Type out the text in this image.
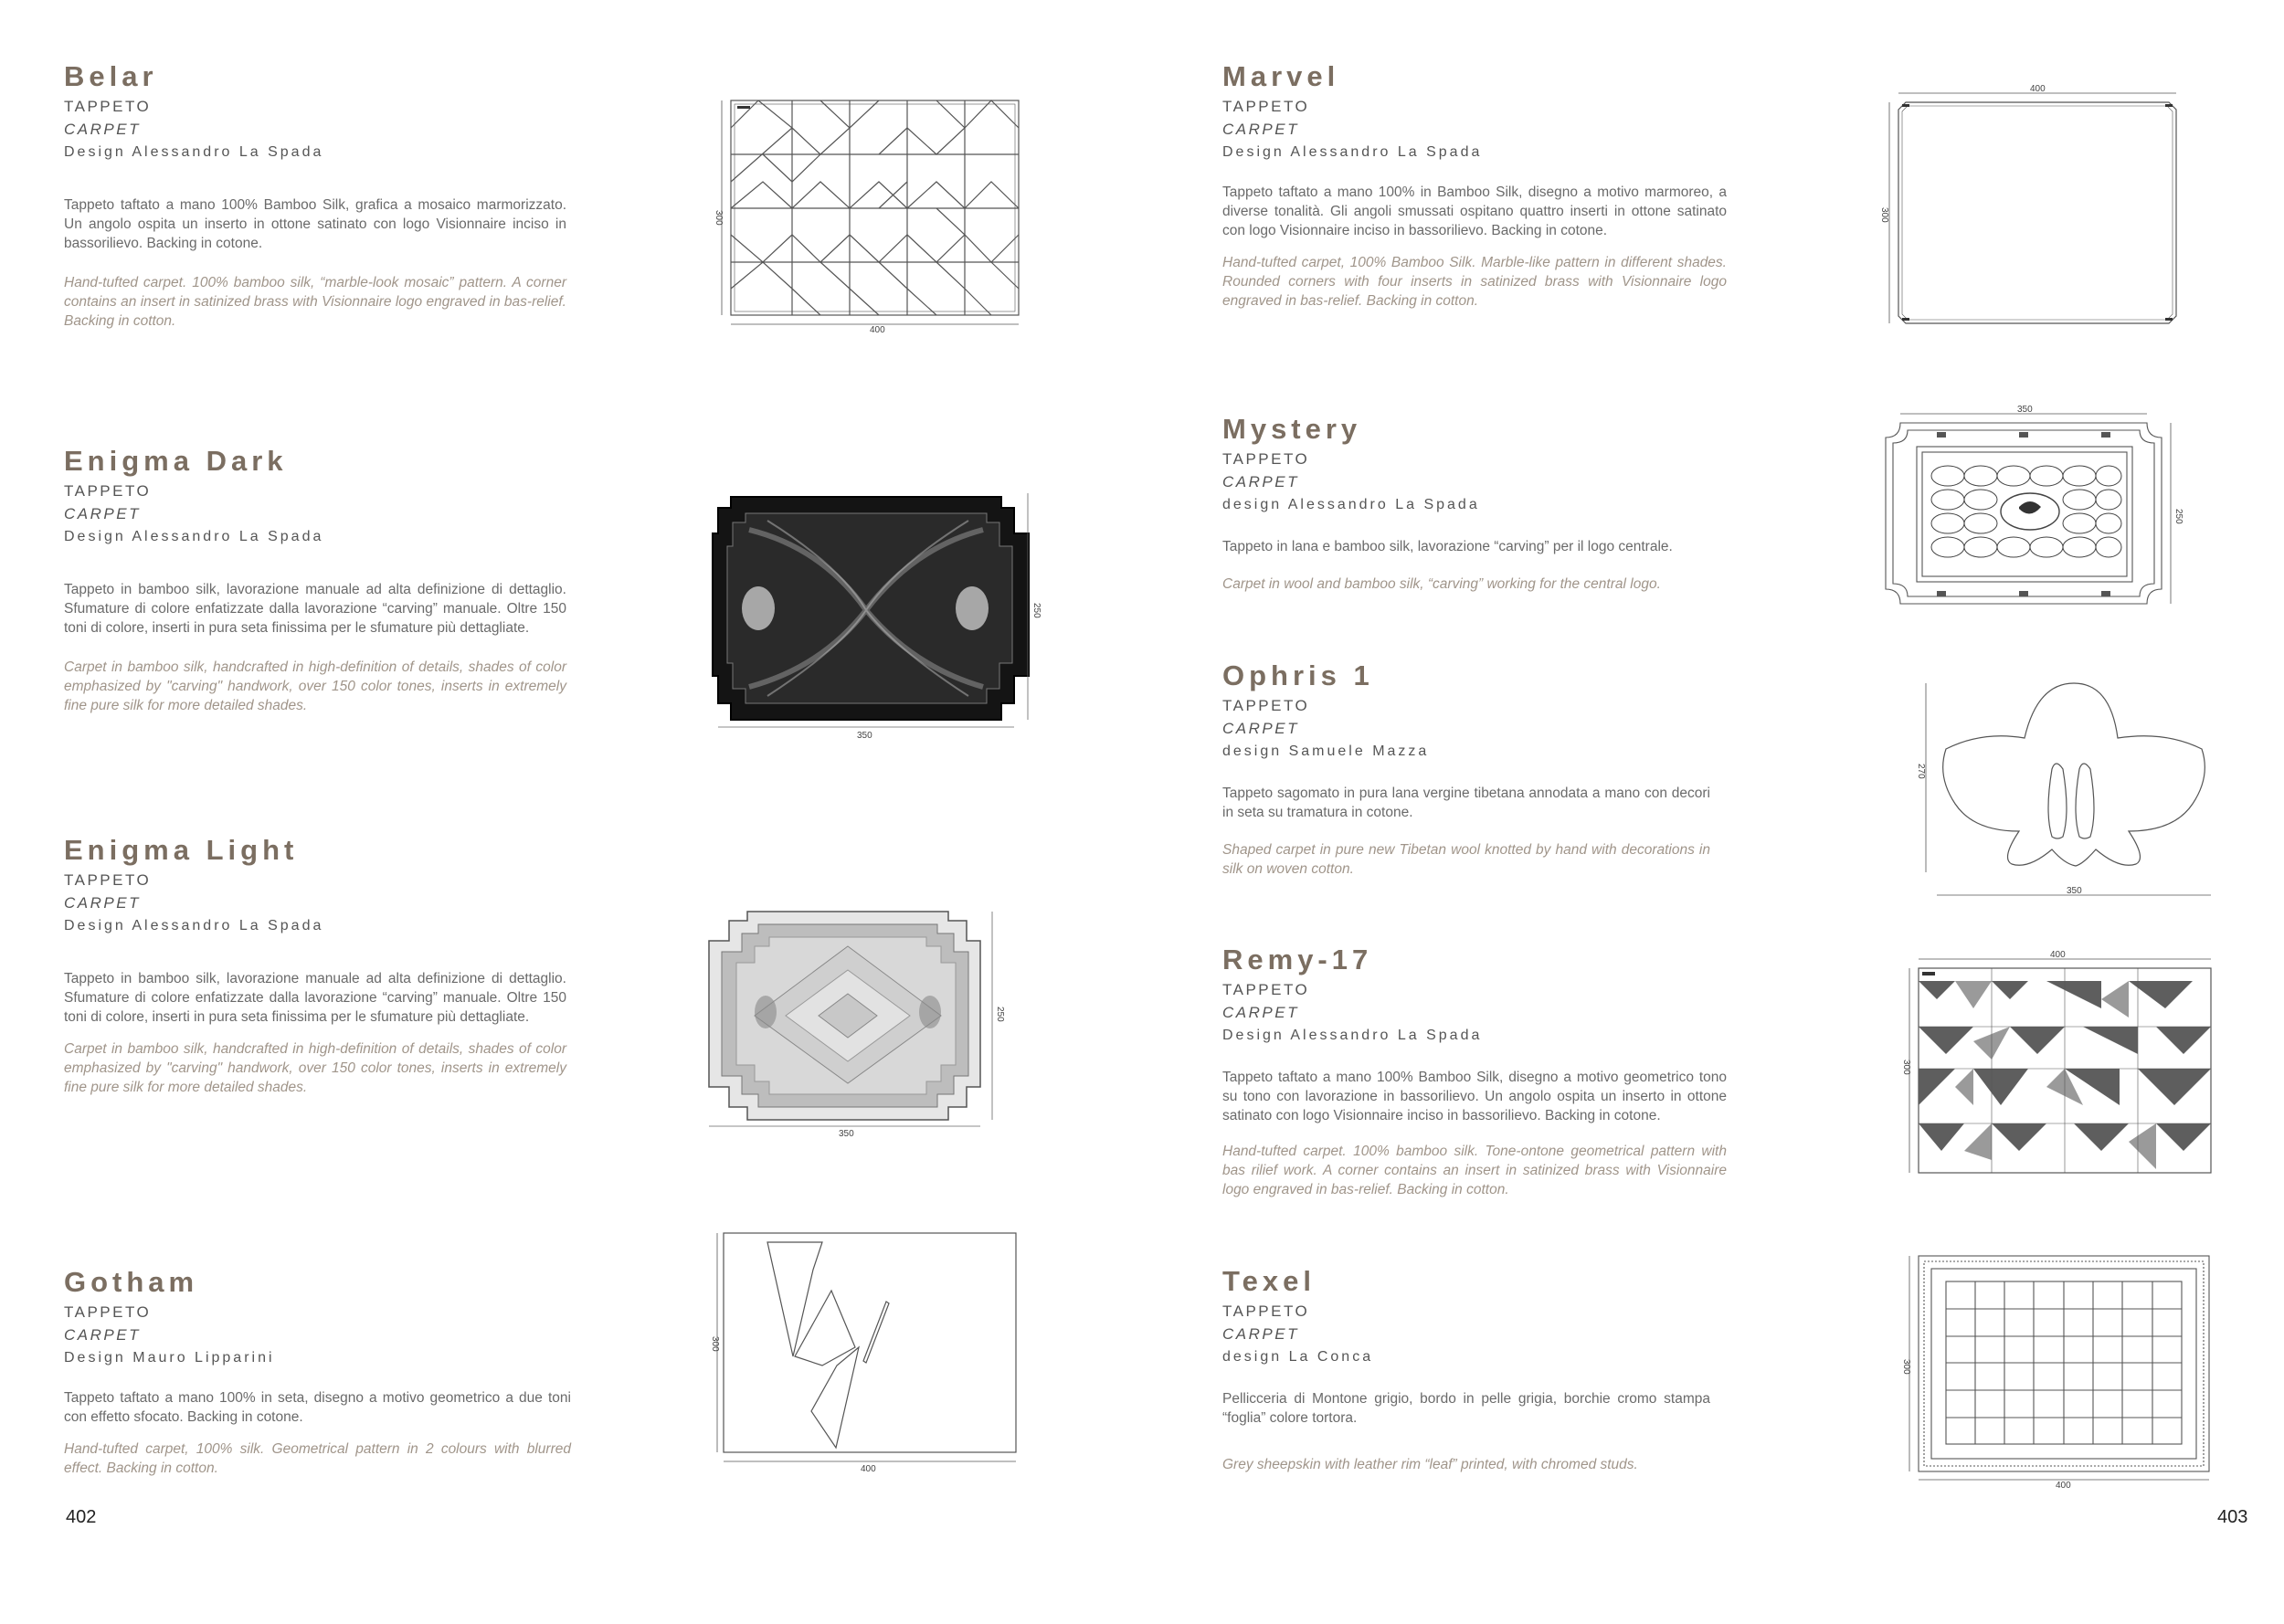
Belar
TAPPETO
CARPET
Design Alessandro La Spada
Tappeto taftato a mano 100% Bamboo Silk, grafica a mosaico marmorizzato. Un angolo ospita un inserto in ottone satinato con logo Visionnaire inciso in bassorilievo. Backing in cotone.
Hand-tufted carpet. 100% bamboo silk, “marble-look mosaic” pattern. A corner contains an insert in satinized brass with Visionnaire logo engraved in bas-relief. Backing in cotton.
Enigma Dark
TAPPETO
CARPET
Design Alessandro La Spada
Tappeto in bamboo silk, lavorazione manuale ad alta definizione di dettaglio. Sfumature di colore enfatizzate dalla lavorazione “carving” manuale. Oltre 150 toni di colore, inserti in pura seta finissima per le sfumature più dettagliate.
Carpet in bamboo silk, handcrafted in high-definition of details, shades of color emphasized by "carving" handwork, over 150 color tones, inserts in extremely fine pure silk for more detailed shades.
Enigma Light
TAPPETO
CARPET
Design Alessandro La Spada
Tappeto in bamboo silk, lavorazione manuale ad alta definizione di dettaglio. Sfumature di colore enfatizzate dalla lavorazione “carving” manuale. Oltre 150 toni di colore, inserti in pura seta finissima per le sfumature più dettagliate.
Carpet in bamboo silk, handcrafted in high-definition of details, shades of color emphasized by "carving" handwork, over 150 color tones, inserts in extremely fine pure silk for more detailed shades.
Gotham
TAPPETO
CARPET
Design Mauro Lipparini
Tappeto taftato a mano 100% in seta, disegno a motivo geometrico a due toni con effetto sfocato. Backing in cotone.
Hand-tufted carpet, 100% silk. Geometrical pattern in 2 colours with blurred effect. Backing in cotton.
402
400
300
350
250
350
250
400
300
Marvel
TAPPETO
CARPET
Design Alessandro La Spada
Tappeto taftato a mano 100% in Bamboo Silk, disegno a motivo marmoreo, a diverse tonalità. Gli angoli smussati ospitano quattro inserti in ottone satinato con logo Visionnaire inciso in bassorilievo. Backing in cotone.
Hand-tufted carpet, 100% Bamboo Silk. Marble-like pattern in different shades. Rounded corners with four inserts in satinized brass with Visionnaire logo engraved in bas-relief. Backing in cotton.
Mystery
TAPPETO
CARPET
design Alessandro La Spada
Tappeto in lana e bamboo silk, lavorazione “carving” per il logo centrale.
Carpet in wool and bamboo silk, “carving” working for the central logo.
Ophris 1
TAPPETO
CARPET
design Samuele Mazza
Tappeto sagomato in pura lana vergine tibetana annodata a mano con decori in seta su tramatura in cotone.
Shaped carpet in pure new Tibetan wool knotted by hand with decorations in silk on woven cotton.
Remy-17
TAPPETO
CARPET
Design Alessandro La Spada
Tappeto taftato a mano 100% Bamboo Silk, disegno a motivo geometrico tono su tono con lavorazione in bassorilievo. Un angolo ospita un inserto in ottone satinato con logo Visionnaire inciso in bassorilievo. Backing in cotone.
Hand-tufted carpet. 100% bamboo silk. Tone-ontone geometrical pattern with bas rilief work. A corner contains an insert in satinized brass with Visionnaire logo engraved in bas-relief. Backing in cotton.
Texel
TAPPETO
CARPET
design La Conca
Pellicceria di Montone grigio, bordo in pelle grigia, borchie cromo stampa “foglia” colore tortora.
Grey sheepskin with leather rim “leaf” printed, with chromed studs.
403
400
300
350
250
350
270
400
300
400
300
